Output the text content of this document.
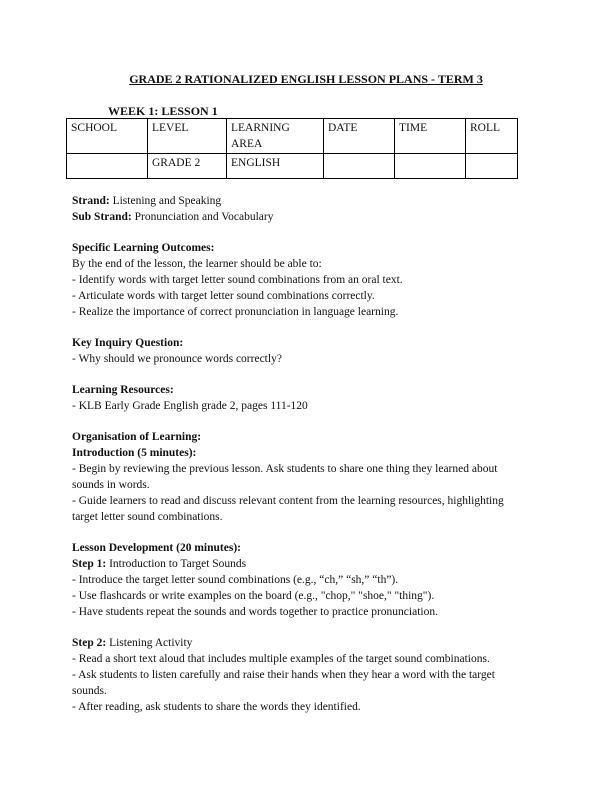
GRADE 2 RATIONALIZED ENGLISH LESSON PLANS - TERM 3
WEEK 1: LESSON 1
SCHOOL	LEVEL	LEARNING AREA	DATE	TIME	ROLL
	GRADE 2	ENGLISH			

Strand: Listening and Speaking

Sub Strand: Pronunciation and Vocabulary

Specific Learning Outcomes:

By the end of the lesson, the learner should be able to:

- Identify words with target letter sound combinations from an oral text.

- Articulate words with target letter sound combinations correctly.

- Realize the importance of correct pronunciation in language learning.

Key Inquiry Question:

- Why should we pronounce words correctly?

Learning Resources:

- KLB Early Grade English grade 2, pages 111-120

Organisation of Learning:

Introduction (5 minutes):

- Begin by reviewing the previous lesson. Ask students to share one thing they learned about sounds in words.

- Guide learners to read and discuss relevant content from the learning resources, highlighting target letter sound combinations.

Lesson Development (20 minutes):

Step 1: Introduction to Target Sounds

- Introduce the target letter sound combinations (e.g., “ch,” “sh,” “th”).

- Use flashcards or write examples on the board (e.g., "chop," "shoe," "thing").

- Have students repeat the sounds and words together to practice pronunciation.

Step 2: Listening Activity

- Read a short text aloud that includes multiple examples of the target sound combinations.

- Ask students to listen carefully and raise their hands when they hear a word with the target sounds.

- After reading, ask students to share the words they identified.
